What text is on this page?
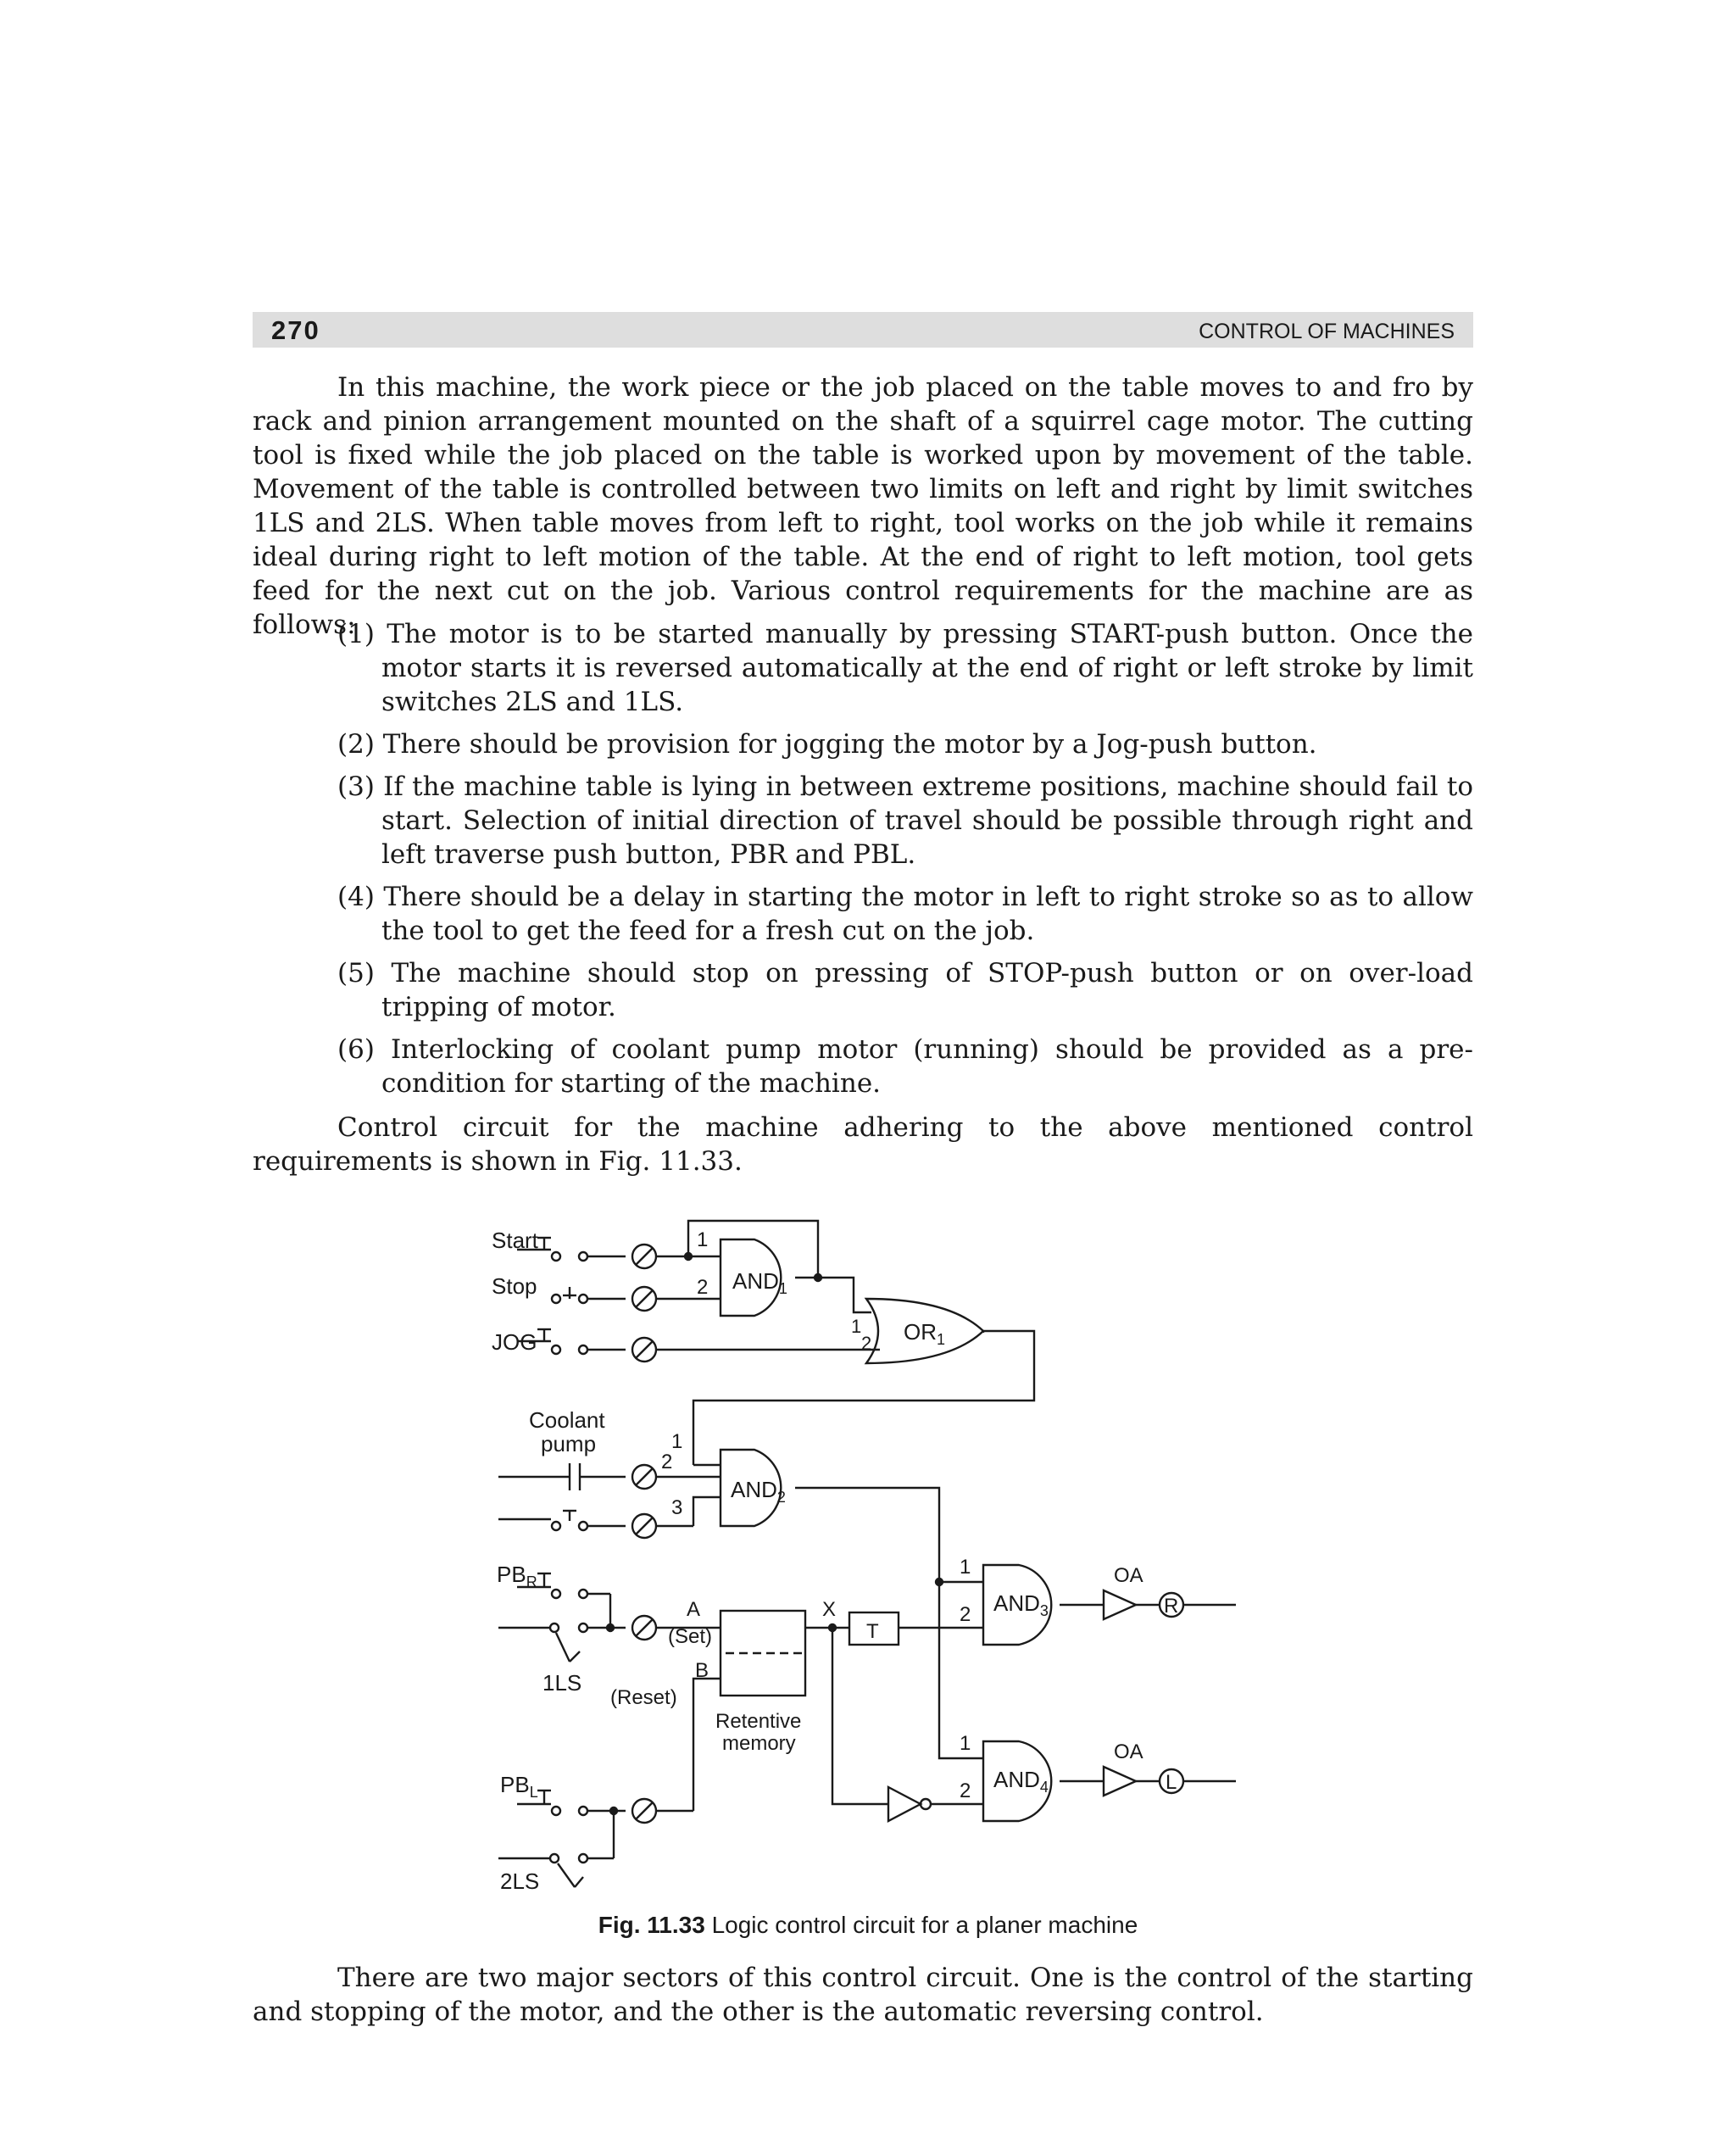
270	CONTROL OF MACHINES

In this machine, the work piece or the job placed on the table moves to and fro by rack and pinion arrangement mounted on the shaft of a squirrel cage motor. The cutting tool is fixed while the job placed on the table is worked upon by movement of the table. Movement of the table is controlled between two limits on left and right by limit switches 1LS and 2LS. When table moves from left to right, tool works on the job while it remains ideal during right to left motion of the table. At the end of right to left motion, tool gets feed for the next cut on the job. Various control requirements for the machine are as follows:

(1) The motor is to be started manually by pressing START-push button. Once the motor starts it is reversed automatically at the end of right or left stroke by limit switches 2LS and 1LS.
(2) There should be provision for jogging the motor by a Jog-push button.
(3) If the machine table is lying in between extreme positions, machine should fail to start. Selection of initial direction of travel should be possible through right and left traverse push button, PBR and PBL.
(4) There should be a delay in starting the motor in left to right stroke so as to allow the tool to get the feed for a fresh cut on the job.
(5) The machine should stop on pressing of STOP-push button or on over-load tripping of motor.
(6) Interlocking of coolant pump motor (running) should be provided as a pre-condition for starting of the machine.

Control circuit for the machine adhering to the above mentioned control requirements is shown in Fig. 11.33.

Start
Stop	$AND_1$
1
2
JOG	$OR_1$
1
2
Coolant
pump
$AND_2$
1
2
3
$PB_R$
1LS
A
(Set)
B
(Reset)
Retentive
memory
X
T
$AND_3$
1
2
OA
R
$AND_4$
1
2
OA
L
$PB_L$
2LS
Fig. 11.33 Logic control circuit for a planer machine

There are two major sectors of this control circuit. One is the control of the starting and stopping of the motor, and the other is the automatic reversing control.
